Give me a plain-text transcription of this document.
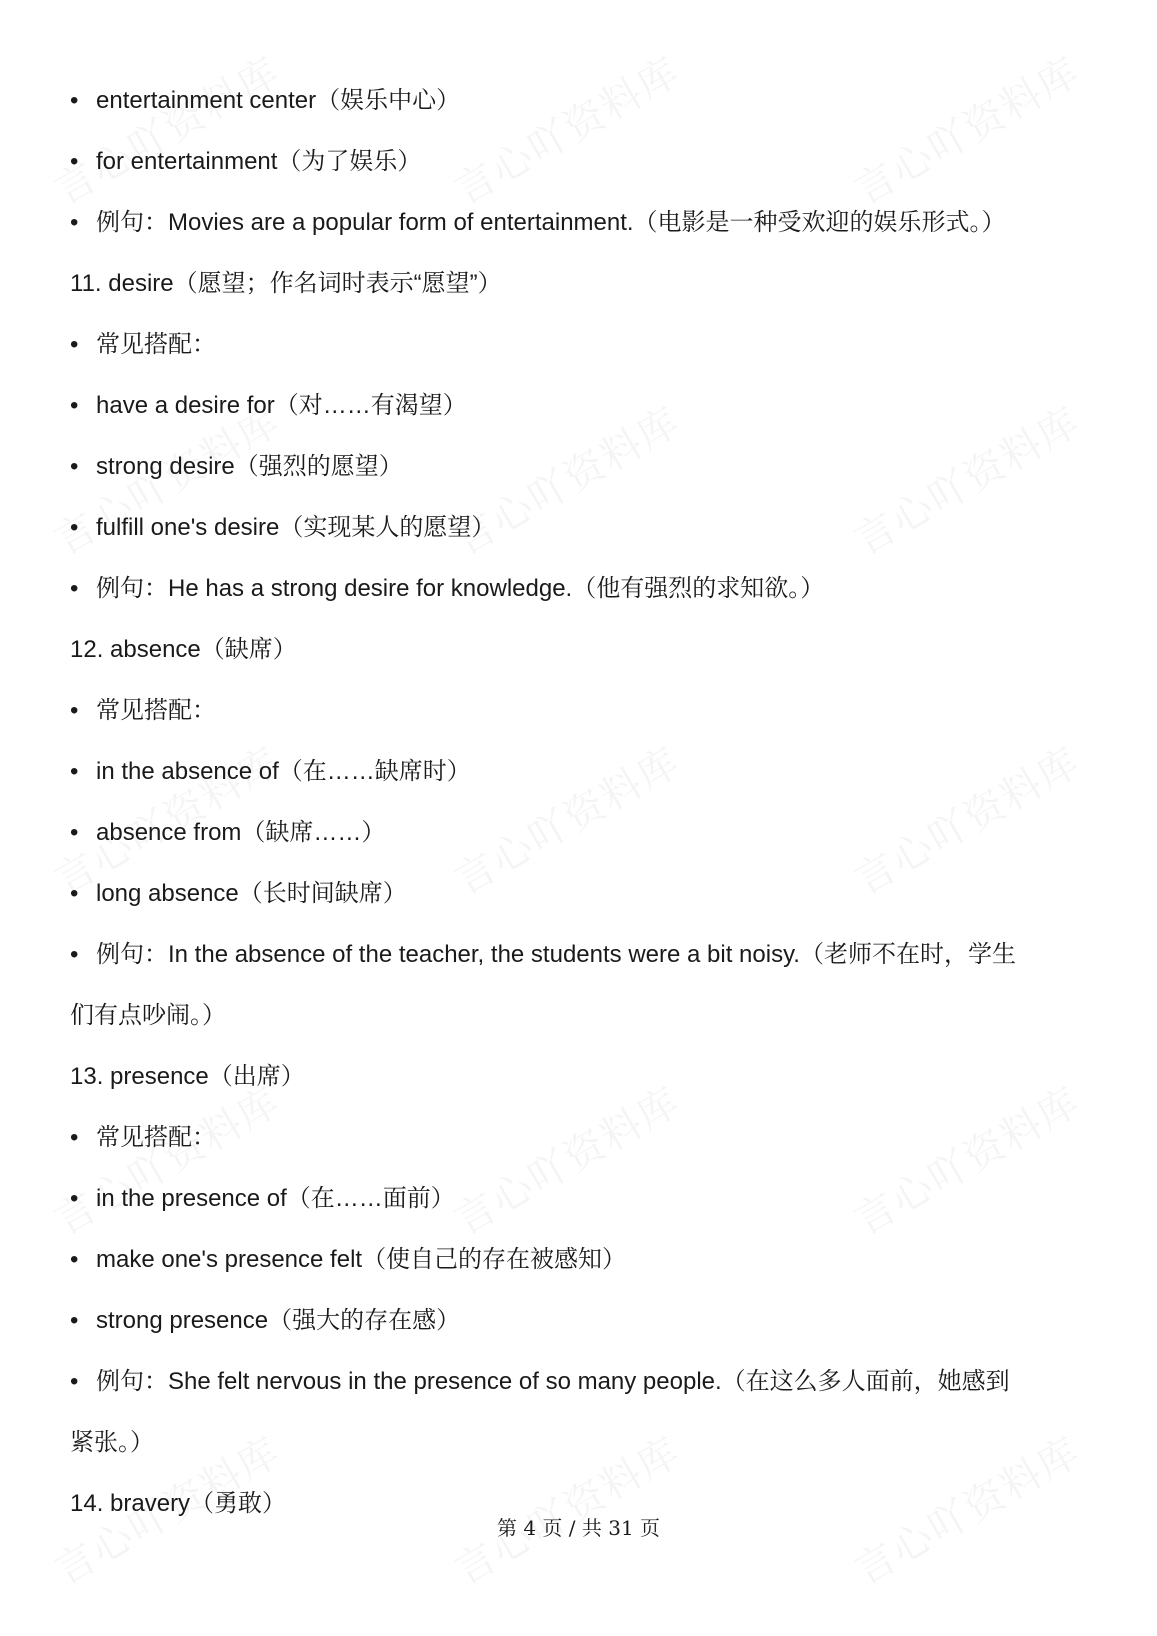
• entertainment center（娱乐中心）
• for entertainment（为了娱乐）
• 例句：Movies are a popular form of entertainment.（电影是一种受欢迎的娱乐形式。）
11. desire（愿望；作名词时表示“愿望”）
• 常见搭配：
• have a desire for（对……有渴望）
• strong desire（强烈的愿望）
• fulfill one's desire（实现某人的愿望）
• 例句：He has a strong desire for knowledge.（他有强烈的求知欲。）
12. absence（缺席）
• 常见搭配：
• in the absence of（在……缺席时）
• absence from（缺席……）
• long absence（长时间缺席）
• 例句：In the absence of the teacher, the students were a bit noisy.（老师不在时，学生
们有点吵闹。）
13. presence（出席）
• 常见搭配：
• in the presence of（在……面前）
• make one's presence felt（使自己的存在被感知）
• strong presence（强大的存在感）
• 例句：She felt nervous in the presence of so many people.（在这么多人面前，她感到
紧张。）
14. bravery（勇敢）
第 4 页 / 共 31 页
